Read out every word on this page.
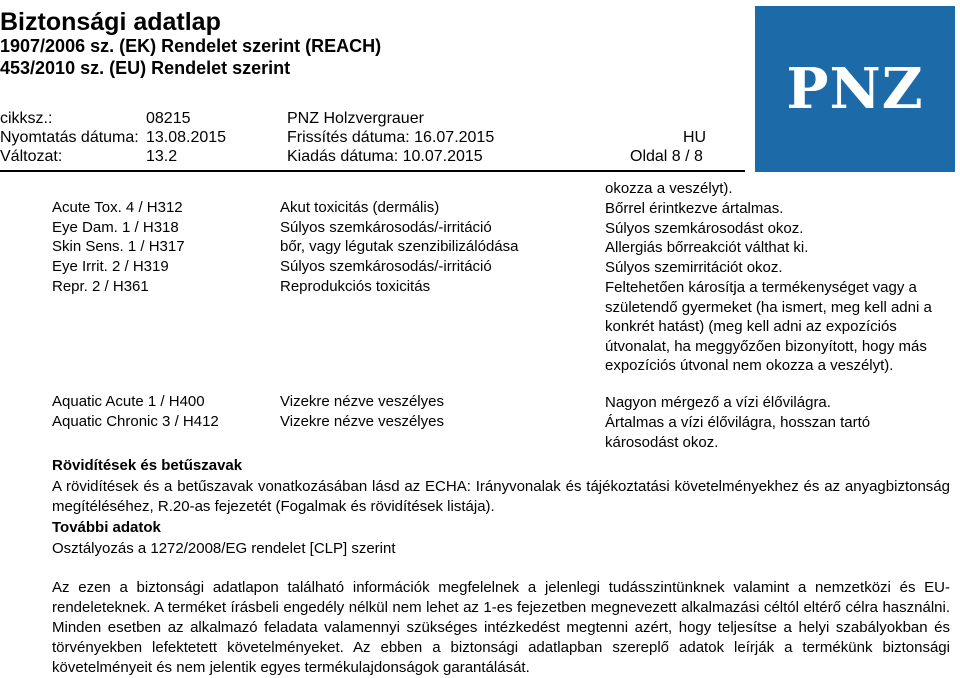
Biztonsági adatlap
1907/2006 sz. (EK) Rendelet szerint (REACH)
453/2010 sz. (EU) Rendelet szerint
cikksz.:	08215	PNZ Holzvergrauer
Nyomtatás dátuma: 13.08.2015	Frissítés dátuma: 16.07.2015	HU
Változat:	13.2	Kiadás dátuma: 10.07.2015	Oldal 8 / 8
PNZ
okozza a veszélyt).
Acute Tox. 4 / H312	Akut toxicitás (dermális)	Bőrrel érintkezve ártalmas.
Eye Dam. 1 / H318	Súlyos szemkárosodás/-irritáció	Súlyos szemkárosodást okoz.
Skin Sens. 1 / H317	bőr, vagy légutak szenzibilizálódása	Allergiás bőrreakciót válthat ki.
Eye Irrit. 2 / H319	Súlyos szemkárosodás/-irritáció	Súlyos szemirritációt okoz.
Repr. 2 / H361	Reprodukciós toxicitás	Feltehetően károsítja a termékenységet vagy a születendő gyermeket (ha ismert, meg kell adni a konkrét hatást) (meg kell adni az expozíciós útvonalat, ha meggyőzően bizonyított, hogy más expozíciós útvonal nem okozza a veszélyt).
Aquatic Acute 1 / H400	Vizekre nézve veszélyes	Nagyon mérgező a vízi élővilágra.
Aquatic Chronic 3 / H412	Vizekre nézve veszélyes	Ártalmas a vízi élővilágra, hosszan tartó károsodást okoz.
Rövidítések és betűszavak
A rövidítések és a betűszavak vonatkozásában lásd az ECHA: Irányvonalak és tájékoztatási követelményekhez és az anyagbiztonság megítéléséhez, R.20-as fejezetét (Fogalmak és rövidítések listája).
További adatok
Osztályozás a 1272/2008/EG rendelet [CLP] szerint
Az ezen a biztonsági adatlapon található információk megfelelnek a jelenlegi tudásszintünknek valamint a nemzetközi és EU-rendeleteknek. A terméket írásbeli engedély nélkül nem lehet az 1-es fejezetben megnevezett alkalmazási céltól eltérő célra használni. Minden esetben az alkalmazó feladata valamennyi szükséges intézkedést megtenni azért, hogy teljesítse a helyi szabályokban és törvényekben lefektetett követelményeket. Az ebben a biztonsági adatlapban szereplő adatok leírják a termékünk biztonsági követelményeit és nem jelentik egyes termékulajdonságok garantálását.
